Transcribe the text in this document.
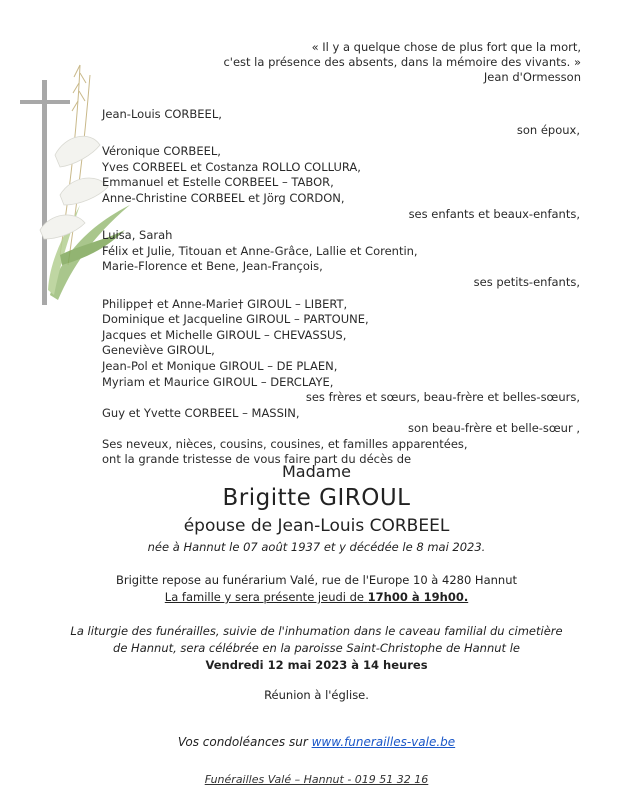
« Il y a quelque chose de plus fort que la mort,
c'est la présence des absents, dans la mémoire des vivants. »
Jean d'Ormesson
Jean-Louis CORBEEL,
son époux,
Véronique CORBEEL,
Yves CORBEEL et Costanza ROLLO COLLURA,
Emmanuel et Estelle CORBEEL – TABOR,
Anne-Christine CORBEEL et Jörg CORDON,
ses enfants et beaux-enfants,
Luisa, Sarah
Félix et Julie, Titouan et Anne-Grâce, Lallie et Corentin,
Marie-Florence et Bene, Jean-François,
ses petits-enfants,
Philippe† et Anne-Marie† GIROUL – LIBERT,
Dominique et Jacqueline GIROUL – PARTOUNE,
Jacques et Michelle GIROUL – CHEVASSUS,
Geneviève GIROUL,
Jean-Pol et Monique GIROUL – DE PLAEN,
Myriam et Maurice GIROUL – DERCLAYE,
ses frères et sœurs, beau-frère et belles-sœurs,
Guy et Yvette CORBEEL – MASSIN,
son beau-frère et belle-sœur ,
Ses neveux, nièces, cousins, cousines, et familles apparentées,
ont la grande tristesse de vous faire part du décès de
Madame
Brigitte GIROUL
épouse de Jean-Louis CORBEEL
née à Hannut le 07 août 1937 et y décédée le 8 mai 2023.
Brigitte repose au funérarium Valé, rue de l'Europe 10 à 4280 Hannut
La famille y sera présente jeudi de 17h00 à 19h00.
La liturgie des funérailles, suivie de l'inhumation dans le caveau familial du cimetière
de Hannut, sera célébrée en la paroisse Saint-Christophe de Hannut le
Vendredi 12 mai 2023 à 14 heures
Réunion à l'église.
Vos condoléances sur www.funerailles-vale.be
Funérailles Valé – Hannut - 019 51 32 16
